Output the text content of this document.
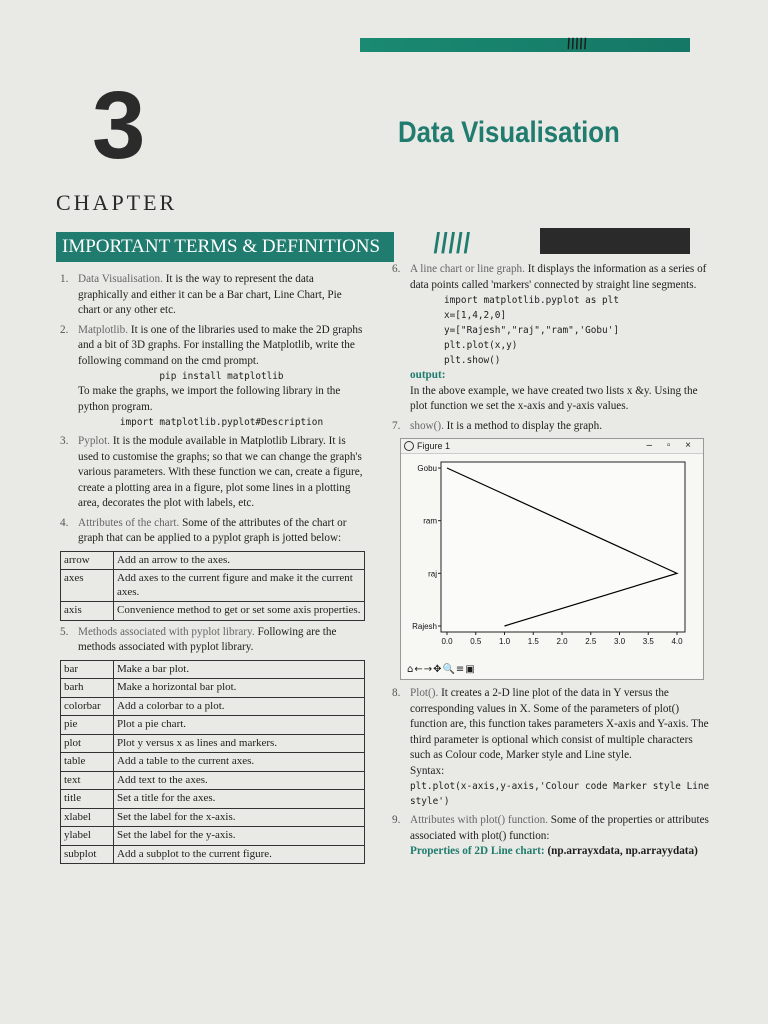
\\\\\
3	Data Visualisation
CHAPTER
IMPORTANT TERMS & DEFINITIONS	\\\\\
1. Data Visualisation. It is the way to represent the data graphically and either it can be a Bar chart, Line Chart, Pie chart or any other etc.
2. Matplotlib. It is one of the libraries used to make the 2D graphs and a bit of 3D graphs. For installing the Matplotlib, write the following command on the cmd prompt.
pip install matplotlib
To make the graphs, we import the following library in the python program.
import matplotlib.pyplot#Description
3. Pyplot. It is the module available in Matplotlib Library. It is used to customise the graphs; so that we can change the graph's various parameters. With these function we can, create a figure, create a plotting area in a figure, plot some lines in a plotting area, decorates the plot with labels, etc.
4. Attributes of the chart. Some of the attributes of the chart or graph that can be applied to a pyplot graph is jotted below:
arrow	Add an arrow to the axes.
axes	Add axes to the current figure and make it the current axes.
axis	Convenience method to get or set some axis properties.
5. Methods associated with pyplot library. Following are the methods associated with pyplot library.
bar	Make a bar plot.
barh	Make a horizontal bar plot.
colorbar	Add a colorbar to a plot.
pie	Plot a pie chart.
plot	Plot y versus x as lines and markers.
table	Add a table to the current axes.
text	Add text to the axes.
title	Set a title for the axes.
xlabel	Set the label for the x-axis.
ylabel	Set the label for the y-axis.
subplot	Add a subplot to the current figure.
6. A line chart or line graph. It displays the information as a series of data points called 'markers' connected by straight line segments.
import matplotlib.pyplot as plt
x=[1,4,2,0]
y=["Rajesh","raj","ram",'Gobu']
plt.plot(x,y)
plt.show()
output:
In the above example, we have created two lists x &y. Using the plot function we set the x-axis and y-axis values.
7. show(). It is a method to display the graph.
Figure 1	– ▫ ×
Rajesh
raj
ram
Gobu
0.0 0.5 1.0 1.5 2.0 2.5 3.0 3.5 4.0
⌂←→✥🔍≡▣
8. Plot(). It creates a 2-D line plot of the data in Y versus the corresponding values in X. Some of the parameters of plot() function are, this function takes parameters X-axis and Y-axis. The third parameter is optional which consist of multiple characters such as Colour code, Marker style and Line style.
Syntax:
plt.plot(x-axis,y-axis,'Colour code Marker style Line style')
9. Attributes with plot() function. Some of the properties or attributes associated with plot() function:
Properties of 2D Line chart: (np.arrayxdata, np.arrayydata)
